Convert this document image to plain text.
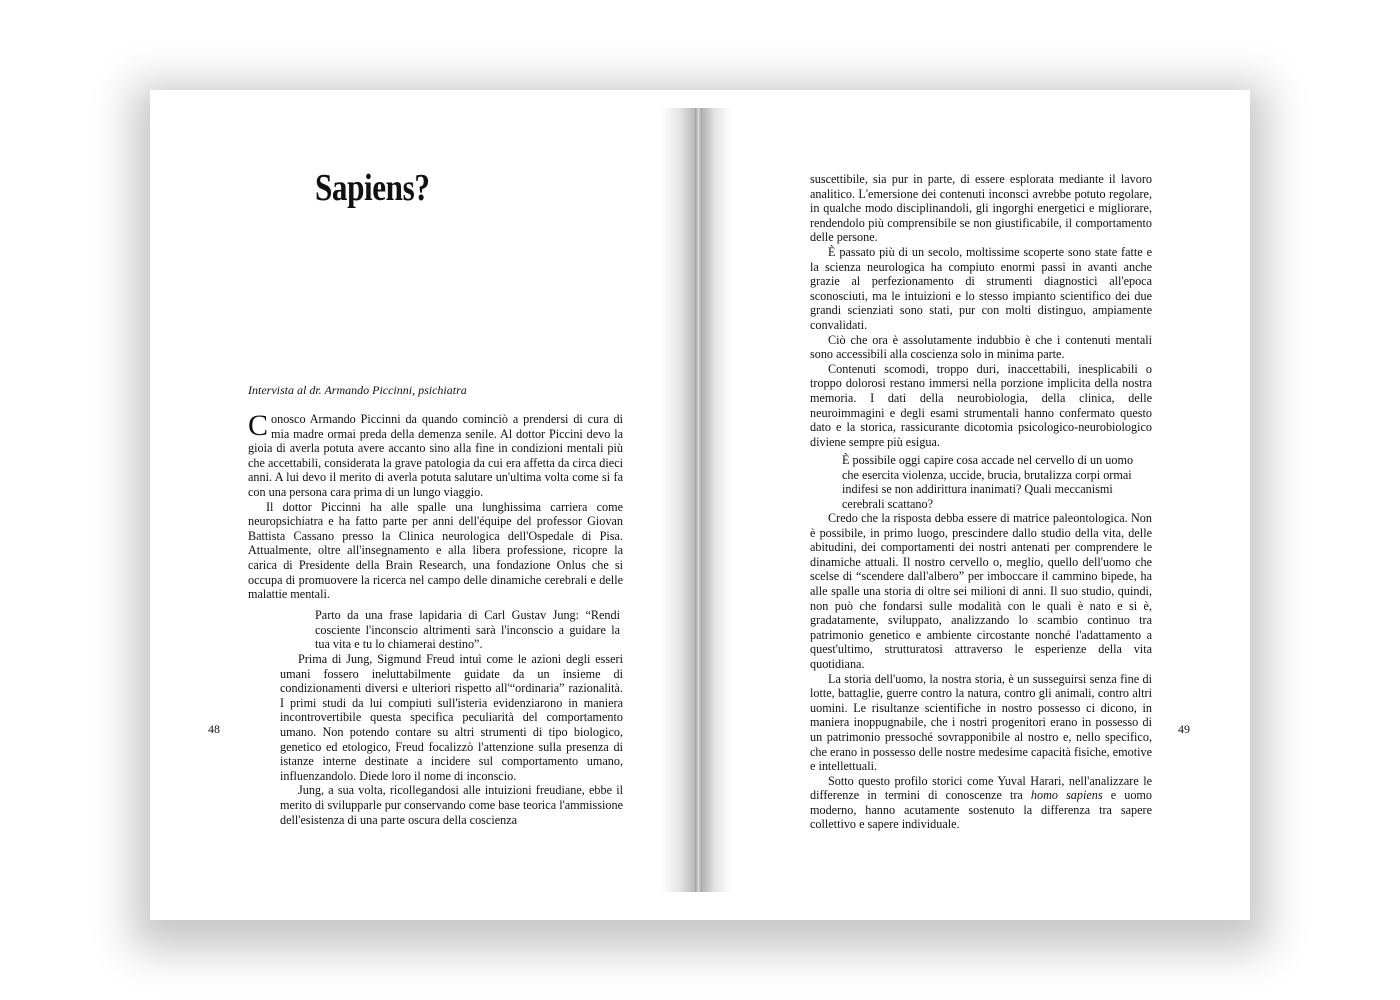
Sapiens?

Intervista al dr. Armando Piccinni, psichiatra

Conosco Armando Piccinni da quando cominciò a prendersi di cura di mia madre ormai preda della demenza senile. Al dottor Piccini devo la gioia di averla potuta avere accanto sino alla fine in condizioni mentali più che accettabili, considerata la grave patologia da cui era affetta da circa dieci anni. A lui devo il merito di averla potuta salutare un'ultima volta come si fa con una persona cara prima di un lungo viaggio.

Il dottor Piccinni ha alle spalle una lunghissima carriera come neuropsichiatra e ha fatto parte per anni dell'équipe del professor Giovan Battista Cassano presso la Clinica neurologica dell'Ospedale di Pisa. Attualmente, oltre all'insegnamento e alla libera professione, ricopre la carica di Presidente della Brain Research, una fondazione Onlus che si occupa di promuovere la ricerca nel campo delle dinamiche cerebrali e delle malattie mentali.

Parto da una frase lapidaria di Carl Gustav Jung: “Rendi cosciente l'inconscio altrimenti sarà l'inconscio a guidare la tua vita e tu lo chiamerai destino”.

Prima di Jung, Sigmund Freud intuì come le azioni degli esseri umani fossero ineluttabilmente guidate da un insieme di condizionamenti diversi e ulteriori rispetto all'“ordinaria” razionalità. I primi studi da lui compiuti sull'isteria evidenziarono in maniera incontrovertibile questa specifica peculiarità del comportamento umano. Non potendo contare su altri strumenti di tipo biologico, genetico ed etologico, Freud focalizzò l'attenzione sulla presenza di istanze interne destinate a incidere sul comportamento umano, influenzandolo. Diede loro il nome di inconscio.

Jung, a sua volta, ricollegandosi alle intuizioni freudiane, ebbe il merito di svilupparle pur conservando come base teorica l'ammissione dell'esistenza di una parte oscura della coscienza

48

suscettibile, sia pur in parte, di essere esplorata mediante il lavoro analitico. L'emersione dei contenuti inconsci avrebbe potuto regolare, in qualche modo disciplinandoli, gli ingorghi energetici e migliorare, rendendolo più comprensibile se non giustificabile, il comportamento delle persone.

È passato più di un secolo, moltissime scoperte sono state fatte e la scienza neurologica ha compiuto enormi passi in avanti anche grazie al perfezionamento di strumenti diagnostici all'epoca sconosciuti, ma le intuizioni e lo stesso impianto scientifico dei due grandi scienziati sono stati, pur con molti distinguo, ampiamente convalidati.

Ciò che ora è assolutamente indubbio è che i contenuti mentali sono accessibili alla coscienza solo in minima parte.

Contenuti scomodi, troppo duri, inaccettabili, inesplicabili o troppo dolorosi restano immersi nella porzione implicita della nostra memoria. I dati della neurobiologia, della clinica, delle neuroimmagini e degli esami strumentali hanno confermato questo dato e la storica, rassicurante dicotomia psicologico-neurobiologico diviene sempre più esigua.

È possibile oggi capire cosa accade nel cervello di un uomo che esercita violenza, uccide, brucia, brutalizza corpi ormai indifesi se non addirittura inanimati? Quali meccanismi cerebrali scattano?

Credo che la risposta debba essere di matrice paleontologica. Non è possibile, in primo luogo, prescindere dallo studio della vita, delle abitudini, dei comportamenti dei nostri antenati per comprendere le dinamiche attuali. Il nostro cervello o, meglio, quello dell'uomo che scelse di “scendere dall'albero” per imboccare il cammino bipede, ha alle spalle una storia di oltre sei milioni di anni. Il suo studio, quindi, non può che fondarsi sulle modalità con le quali è nato e si è, gradatamente, sviluppato, analizzando lo scambio continuo tra patrimonio genetico e ambiente circostante nonché l'adattamento a quest'ultimo, strutturatosi attraverso le esperienze della vita quotidiana.

La storia dell'uomo, la nostra storia, è un susseguirsi senza fine di lotte, battaglie, guerre contro la natura, contro gli animali, contro altri uomini. Le risultanze scientifiche in nostro possesso ci dicono, in maniera inoppugnabile, che i nostri progenitori erano in possesso di un patrimonio pressoché sovrapponibile al nostro e, nello specifico, che erano in possesso delle nostre medesime capacità fisiche, emotive e intellettuali.

Sotto questo profilo storici come Yuval Harari, nell'analizzare le differenze in termini di conoscenze tra homo sapiens e uomo moderno, hanno acutamente sostenuto la differenza tra sapere collettivo e sapere individuale.

49
